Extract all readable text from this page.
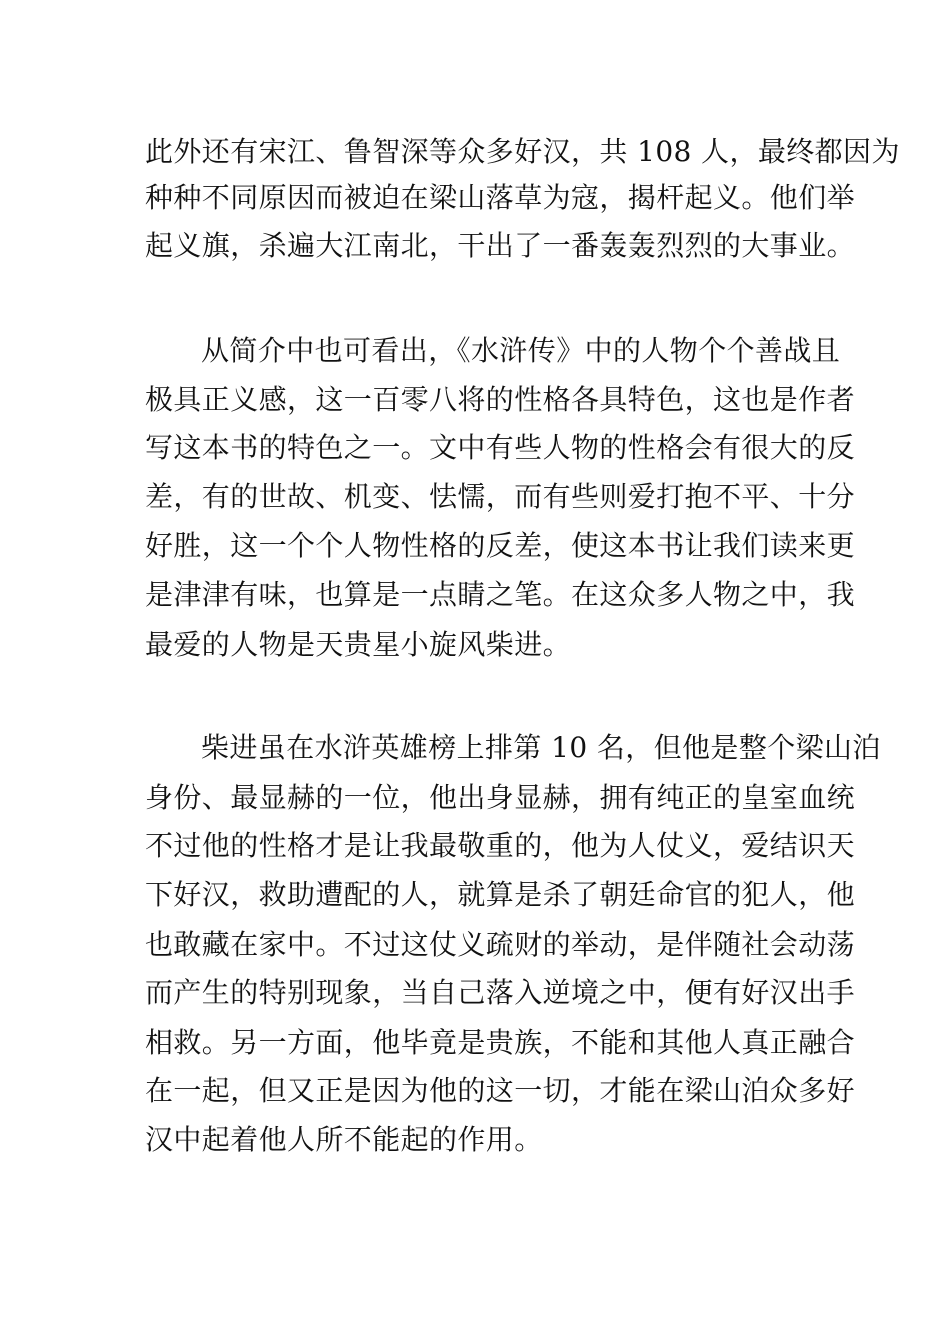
此外还有宋江、鲁智深等众多好汉，共 108 人，最终都因为
种种不同原因而被迫在梁山落草为寇，揭杆起义。他们举
起义旗，杀遍大江南北，干出了一番轰轰烈烈的大事业。
从简介中也可看出，《水浒传》中的人物个个善战且
极具正义感，这一百零八将的性格各具特色，这也是作者
写这本书的特色之一。文中有些人物的性格会有很大的反
差，有的世故、机变、怯懦，而有些则爱打抱不平、十分
好胜，这一个个人物性格的反差，使这本书让我们读来更
是津津有味，也算是一点睛之笔。在这众多人物之中，我
最爱的人物是天贵星小旋风柴进。
柴进虽在水浒英雄榜上排第 10 名，但他是整个梁山泊
身份、最显赫的一位，他出身显赫，拥有纯正的皇室血统
不过他的性格才是让我最敬重的，他为人仗义，爱结识天
下好汉，救助遭配的人，就算是杀了朝廷命官的犯人，他
也敢藏在家中。不过这仗义疏财的举动，是伴随社会动荡
而产生的特别现象，当自己落入逆境之中，便有好汉出手
相救。另一方面，他毕竟是贵族，不能和其他人真正融合
在一起，但又正是因为他的这一切，才能在梁山泊众多好
汉中起着他人所不能起的作用。
